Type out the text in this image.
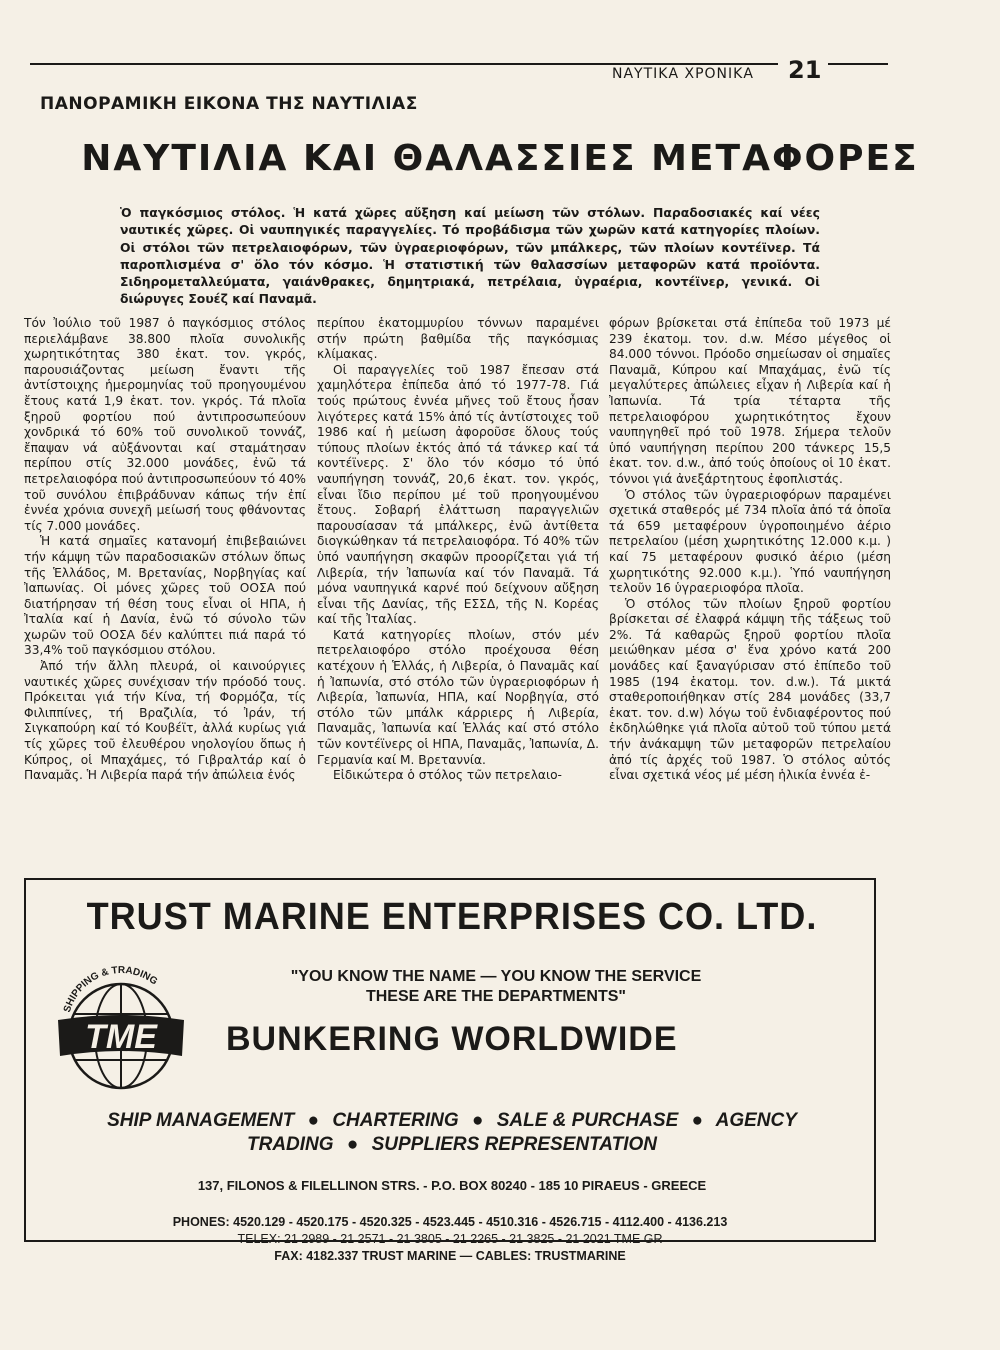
ΝΑΥΤΙΚΑ ΧΡΟΝΙΚΑ 21
ΠΑΝΟΡΑΜΙΚΗ ΕΙΚΟΝΑ ΤΗΣ ΝΑΥΤΙΛΙΑΣ
ΝΑΥΤΙΛΙΑ ΚΑΙ ΘΑΛΑΣΣΙΕΣ ΜΕΤΑΦΟΡΕΣ
Ὁ παγκόσμιος στόλος. Ἡ κατά χῶρες αὔξηση καί μείωση τῶν στόλων. Παραδοσιακές καί νέες ναυτικές χῶρες. Οἱ ναυπηγικές παραγγελίες. Τό προβάδισμα τῶν χωρῶν κατά κατηγορίες πλοίων. Οἱ στόλοι τῶν πετρελαιοφόρων, τῶν ὑγραεριοφόρων, τῶν μπάλκερς, τῶν πλοίων κοντέϊνερ. Τά παροπλισμένα σ' ὅλο τόν κόσμο. Ἡ στατιστική τῶν θαλασσίων μεταφορῶν κατά προϊόντα. Σιδηρομεταλλεύματα, γαιάνθρακες, δημητριακά, πετρέλαια, ὑγραέρια, κοντέϊνερ, γενικά. Οἱ διώρυγες Σουέζ καί Παναμᾶ.

Τόν Ἰούλιο τοῦ 1987 ὁ παγκόσμιος στόλος περιελάμβανε 38.800 πλοῖα συνολικῆς χωρητικότητας 380 ἑκατ. τον. γκρός, παρουσιάζοντας μείωση ἔναντι τῆς ἀντίστοιχης ἡμερομηνίας τοῦ προηγουμένου ἔτους κατά 1,9 ἑκατ. τον. γκρός. Τά πλοῖα ξηροῦ φορτίου πού ἀντιπροσωπεύουν χονδρικά τό 60% τοῦ συνολικοῦ τοννάζ, ἔπαψαν νά αὐξάνονται καί σταμάτησαν περίπου στίς 32.000 μονάδες, ἐνῶ τά πετρελαιοφόρα πού ἀντιπροσωπεύουν τό 40% τοῦ συνόλου ἐπιβράδυναν κάπως τήν ἐπί ἐννέα χρόνια συνεχῆ μείωσή τους φθάνοντας τίς 7.000 μονάδες.

Ἡ κατά σημαῖες κατανομή ἐπιβεβαιώνει τήν κάμψη τῶν παραδοσιακῶν στόλων ὅπως τῆς Ἑλλάδος, Μ. Βρετανίας, Νορβηγίας καί Ἰαπωνίας. Οἱ μόνες χῶρες τοῦ ΟΟΣΑ πού διατήρησαν τή θέση τους εἶναι οἱ ΗΠΑ, ἡ Ἰταλία καί ἡ Δανία, ἐνῶ τό σύνολο τῶν χωρῶν τοῦ ΟΟΣΑ δέν καλύπτει πιά παρά τό 33,4% τοῦ παγκόσμιου στόλου.

Ἀπό τήν ἄλλη πλευρά, οἱ καινούργιες ναυτικές χῶρες συνέχισαν τήν πρόοδό τους. Πρόκειται γιά τήν Κίνα, τή Φορμόζα, τίς Φιλιππίνες, τή Βραζιλία, τό Ἰράν, τή Σιγκαπούρη καί τό Κουβέϊτ, ἀλλά κυρίως γιά τίς χῶρες τοῦ ἐλευθέρου νηολογίου ὅπως ἡ Κύπρος, οἱ Μπαχάμες, τό Γιβραλτάρ καί ὁ Παναμᾶς. Ἡ Λιβερία παρά τήν ἀπώλεια ἑνός

περίπου ἑκατομμυρίου τόννων παραμένει στήν πρώτη βαθμίδα τῆς παγκόσμιας κλίμακας.

Οἱ παραγγελίες τοῦ 1987 ἔπεσαν στά χαμηλότερα ἐπίπεδα ἀπό τό 1977-78. Γιά τούς πρώτους ἐννέα μῆνες τοῦ ἔτους ἦσαν λιγότερες κατά 15% ἀπό τίς ἀντίστοιχες τοῦ 1986 καί ἡ μείωση ἀφοροῦσε ὅλους τούς τύπους πλοίων ἐκτός ἀπό τά τάνκερ καί τά κοντέϊνερς. Σ' ὅλο τόν κόσμο τό ὑπό ναυπήγηση τοννάζ, 20,6 ἑκατ. τον. γκρός, εἶναι ἴδιο περίπου μέ τοῦ προηγουμένου ἔτους. Σοβαρή ἐλάττωση παραγγελιῶν παρουσίασαν τά μπάλκερς, ἐνῶ ἀντίθετα διογκώθηκαν τά πετρελαιοφόρα. Τό 40% τῶν ὑπό ναυπήγηση σκαφῶν προορίζεται γιά τή Λιβερία, τήν Ἰαπωνία καί τόν Παναμᾶ. Τά μόνα ναυπηγικά καρνέ πού δείχνουν αὔξηση εἶναι τῆς Δανίας, τῆς ΕΣΣΔ, τῆς Ν. Κορέας καί τῆς Ἰταλίας.

Κατά κατηγορίες πλοίων, στόν μέν πετρελαιοφόρο στόλο προέχουσα θέση κατέχουν ἡ Ἑλλάς, ἡ Λιβερία, ὁ Παναμᾶς καί ἡ Ἰαπωνία, στό στόλο τῶν ὑγραεριοφόρων ἡ Λιβερία, Ἰαπωνία, ΗΠΑ, καί Νορβηγία, στό στόλο τῶν μπάλκ κάρριερς ἡ Λιβερία, Παναμᾶς, Ἰαπωνία καί Ἑλλάς καί στό στόλο τῶν κοντέϊνερς οἱ ΗΠΑ, Παναμᾶς, Ἰαπωνία, Δ. Γερμανία καί Μ. Βρεταννία.

Εἰδικώτερα ὁ στόλος τῶν πετρελαιο-

φόρων βρίσκεται στά ἐπίπεδα τοῦ 1973 μέ 239 ἑκατομ. τον. d.w. Μέσο μέγεθος οἱ 84.000 τόννοι. Πρόοδο σημείωσαν οἱ σημαῖες Παναμᾶ, Κύπρου καί Μπαχάμας, ἐνῶ τίς μεγαλύτερες ἀπώλειες εἶχαν ἡ Λιβερία καί ἡ Ἰαπωνία. Τά τρία τέταρτα τῆς πετρελαιοφόρου χωρητικότητος ἔχουν ναυπηγηθεῖ πρό τοῦ 1978. Σήμερα τελοῦν ὑπό ναυπήγηση περίπου 200 τάνκερς 15,5 ἑκατ. τον. d.w., ἀπό τούς ὁποίους οἱ 10 ἑκατ. τόννοι γιά ἀνεξάρτητους ἐφοπλιστάς.

Ὁ στόλος τῶν ὑγραεριοφόρων παραμένει σχετικά σταθερός μέ 734 πλοῖα ἀπό τά ὁποῖα τά 659 μεταφέρουν ὑγροποιημένο ἀέριο πετρελαίου (μέση χωρητικότης 12.000 κ.μ. ) καί 75 μεταφέρουν φυσικό ἀέριο (μέση χωρητικότης 92.000 κ.μ.). Ὑπό ναυπήγηση τελοῦν 16 ὑγραεριοφόρα πλοῖα.

Ὁ στόλος τῶν πλοίων ξηροῦ φορτίου βρίσκεται σέ ἐλαφρά κάμψη τῆς τάξεως τοῦ 2%. Τά καθαρῶς ξηροῦ φορτίου πλοῖα μειώθηκαν μέσα σ' ἕνα χρόνο κατά 200 μονάδες καί ξαναγύρισαν στό ἐπίπεδο τοῦ 1985 (194 ἑκατομ. τον. d.w.). Τά μικτά σταθεροποιήθηκαν στίς 284 μονάδες (33,7 ἑκατ. τον. d.w) λόγω τοῦ ἐνδιαφέροντος πού ἐκδηλώθηκε γιά πλοῖα αὐτοῦ τοῦ τύπου μετά τήν ἀνάκαμψη τῶν μεταφορῶν πετρελαίου ἀπό τίς ἀρχές τοῦ 1987. Ὁ στόλος αὐτός εἶναι σχετικά νέος μέ μέση ἡλικία ἐννέα ἐ-

TRUST MARINE ENTERPRISES CO. LTD.
TME
SHIPPING & TRADING	"YOU KNOW THE NAME — YOU KNOW THE SERVICE
THESE ARE THE DEPARTMENTS"
BUNKERING WORLDWIDE
SHIP MANAGEMENT ● CHARTERING ● SALE & PURCHASE ● AGENCY
TRADING ● SUPPLIERS REPRESENTATION
137, FILONOS & FILELLINON STRS. - P.O. BOX 80240 - 185 10 PIRAEUS - GREECE
PHONES: 4520.129 - 4520.175 - 4520.325 - 4523.445 - 4510.316 - 4526.715 - 4112.400 - 4136.213
TELEX: 21 2989 - 21 2571 - 21 3805 - 21 2265 - 21 3825 - 21 2021 TME GR
FAX: 4182.337 TRUST MARINE — CABLES: TRUSTMARINE
